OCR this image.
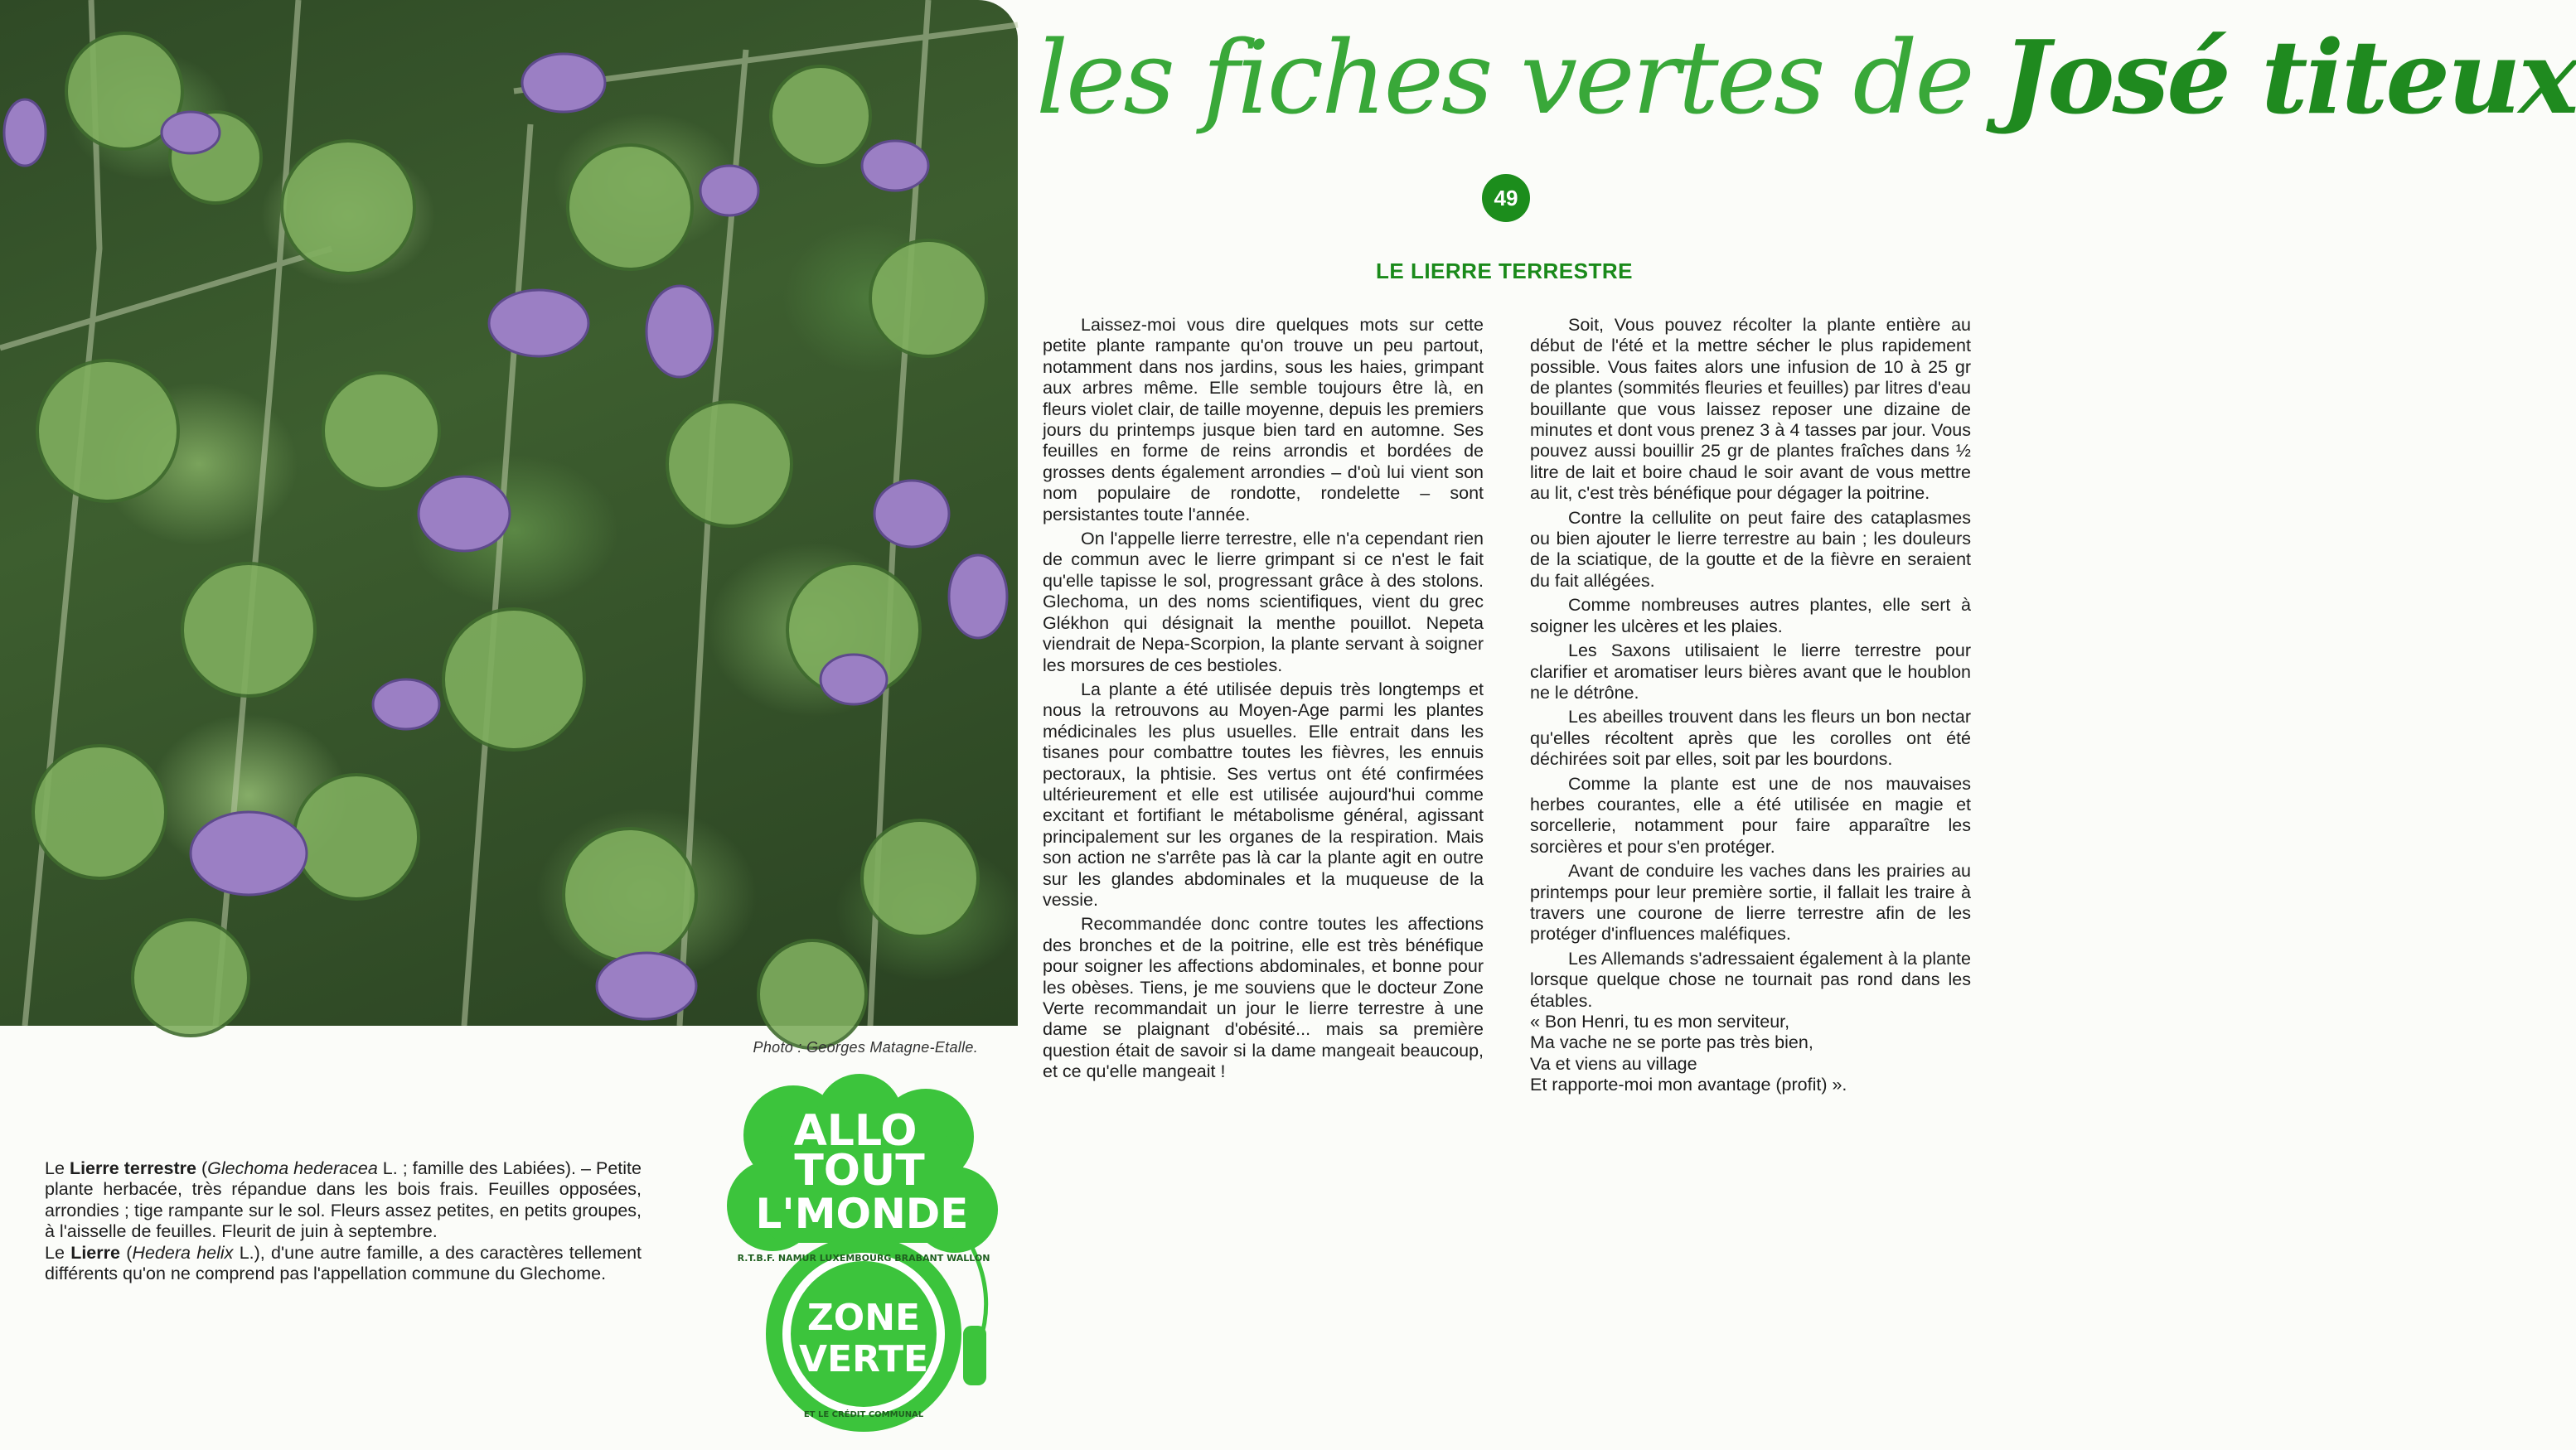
Photo : Georges Matagne-Etalle.
les fiches vertes de José titeux
49
LE LIERRE TERRESTRE

Laissez-moi vous dire quelques mots sur cette petite plante rampante qu'on trouve un peu partout, notamment dans nos jardins, sous les haies, grimpant aux arbres même. Elle semble toujours être là, en fleurs violet clair, de taille moyenne, depuis les premiers jours du printemps jusque bien tard en automne. Ses feuilles en forme de reins arrondis et bordées de grosses dents également arrondies – d'où lui vient son nom populaire de rondotte, rondelette – sont persistantes toute l'année.

On l'appelle lierre terrestre, elle n'a cependant rien de commun avec le lierre grimpant si ce n'est le fait qu'elle tapisse le sol, progressant grâce à des stolons. Glechoma, un des noms scientifiques, vient du grec Glékhon qui désignait la menthe pouillot. Nepeta viendrait de Nepa-Scorpion, la plante servant à soigner les morsures de ces bestioles.

La plante a été utilisée depuis très longtemps et nous la retrouvons au Moyen-Age parmi les plantes médicinales les plus usuelles. Elle entrait dans les tisanes pour combattre toutes les fièvres, les ennuis pectoraux, la phtisie. Ses vertus ont été confirmées ultérieurement et elle est utilisée aujourd'hui comme excitant et fortifiant le métabolisme général, agissant principalement sur les organes de la respiration. Mais son action ne s'arrête pas là car la plante agit en outre sur les glandes abdominales et la muqueuse de la vessie.

Recommandée donc contre toutes les affections des bronches et de la poitrine, elle est très bénéfique pour soigner les affections abdominales, et bonne pour les obèses. Tiens, je me souviens que le docteur Zone Verte recommandait un jour le lierre terrestre à une dame se plaignant d'obésité... mais sa première question était de savoir si la dame mangeait beaucoup, et ce qu'elle mangeait !

Soit, Vous pouvez récolter la plante entière au début de l'été et la mettre sécher le plus rapidement possible. Vous faites alors une infusion de 10 à 25 gr de plantes (sommités fleuries et feuilles) par litres d'eau bouillante que vous laissez reposer une dizaine de minutes et dont vous prenez 3 à 4 tasses par jour. Vous pouvez aussi bouillir 25 gr de plantes fraîches dans ½ litre de lait et boire chaud le soir avant de vous mettre au lit, c'est très bénéfique pour dégager la poitrine.

Contre la cellulite on peut faire des cataplasmes ou bien ajouter le lierre terrestre au bain ; les douleurs de la sciatique, de la goutte et de la fièvre en seraient du fait allégées.

Comme nombreuses autres plantes, elle sert à soigner les ulcères et les plaies.

Les Saxons utilisaient le lierre terrestre pour clarifier et aromatiser leurs bières avant que le houblon ne le détrône.

Les abeilles trouvent dans les fleurs un bon nectar qu'elles récoltent après que les corolles ont été déchirées soit par elles, soit par les bourdons.

Comme la plante est une de nos mauvaises herbes courantes, elle a été utilisée en magie et sorcellerie, notamment pour faire apparaître les sorcières et pour s'en protéger.

Avant de conduire les vaches dans les prairies au printemps pour leur première sortie, il fallait les traire à travers une courone de lierre terrestre afin de les protéger d'influences maléfiques.

Les Allemands s'adressaient également à la plante lorsque quelque chose ne tournait pas rond dans les étables.

« Bon Henri, tu es mon serviteur,
Ma vache ne se porte pas très bien,
Va et viens au village
Et rapporte-moi mon avantage (profit) ».
Le Lierre terrestre (Glechoma hederacea L. ; famille des Labiées). – Petite plante herbacée, très répandue dans les bois frais. Feuilles opposées, arrondies ; tige rampante sur le sol. Fleurs assez petites, en petits groupes, à l'aisselle de feuilles. Fleurit de juin à septembre.
Le Lierre (Hedera helix L.), d'une autre famille, a des caractères tellement différents qu'on ne comprend pas l'appellation commune du Glechome.
ALLO
TOUT
L'MONDE
ZONE
VERTE
R.T.B.F. NAMUR LUXEMBOURG BRABANT WALLON
ET LE CRÉDIT COMMUNAL
